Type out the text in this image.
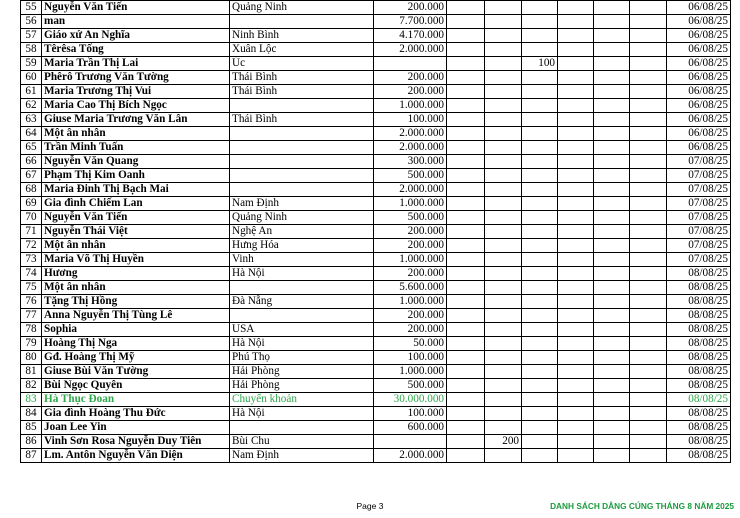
55	Nguyễn Văn Tiến	Quảng Ninh	200.000							06/08/25
56	man		7.700.000							06/08/25
57	Giáo xứ An Nghĩa	Ninh Bình	4.170.000							06/08/25
58	Têrêsa Tống	Xuân Lộc	2.000.000							06/08/25
59	Maria Trần Thị Lai	Úc				100				06/08/25
60	Phêrô Trương Văn Tường	Thái Bình	200.000							06/08/25
61	Maria Trương Thị Vui	Thái Bình	200.000							06/08/25
62	Maria Cao Thị Bích Ngọc		1.000.000							06/08/25
63	Giuse Maria Trương Văn Lân	Thái Bình	100.000							06/08/25
64	Một ân nhân		2.000.000							06/08/25
65	Trần Minh Tuấn		2.000.000							06/08/25
66	Nguyễn Văn Quang		300.000							07/08/25
67	Phạm Thị Kim Oanh		500.000							07/08/25
68	Maria Đinh Thị Bạch Mai		2.000.000							07/08/25
69	Gia đình Chiếm Lan	Nam Định	1.000.000							07/08/25
70	Nguyễn Văn Tiến	Quảng Ninh	500.000							07/08/25
71	Nguyễn Thái Việt	Nghệ An	200.000							07/08/25
72	Một ân nhân	Hưng Hóa	200.000							07/08/25
73	Maria Võ Thị Huyền	Vinh	1.000.000							07/08/25
74	Hương	Hà Nội	200.000							08/08/25
75	Một ân nhân		5.600.000							08/08/25
76	Tặng Thị Hồng	Đà Nẵng	1.000.000							08/08/25
77	Anna Nguyễn Thị Tùng Lê		200.000							08/08/25
78	Sophia	USA	200.000							08/08/25
79	Hoàng Thị Nga	Hà Nội	50.000							08/08/25
80	Gđ. Hoàng Thị Mỹ	Phú Thọ	100.000							08/08/25
81	Giuse Bùi Văn Tường	Hải Phòng	1.000.000							08/08/25
82	Bùi Ngọc Quyên	Hải Phòng	500.000							08/08/25
83	Hà Thục Đoan	Chuyển khoản	30.000.000							08/08/25
84	Gia đình Hoàng Thu Đức	Hà Nội	100.000							08/08/25
85	Joan Lee Yin		600.000							08/08/25
86	Vinh Sơn Rosa Nguyễn Duy Tiên	Bùi Chu			200					08/08/25
87	Lm. Antôn Nguyễn Văn Diện	Nam Định	2.000.000							08/08/25
Page 3	DANH SÁCH DÂNG CÚNG THÁNG 8 NĂM 2025
